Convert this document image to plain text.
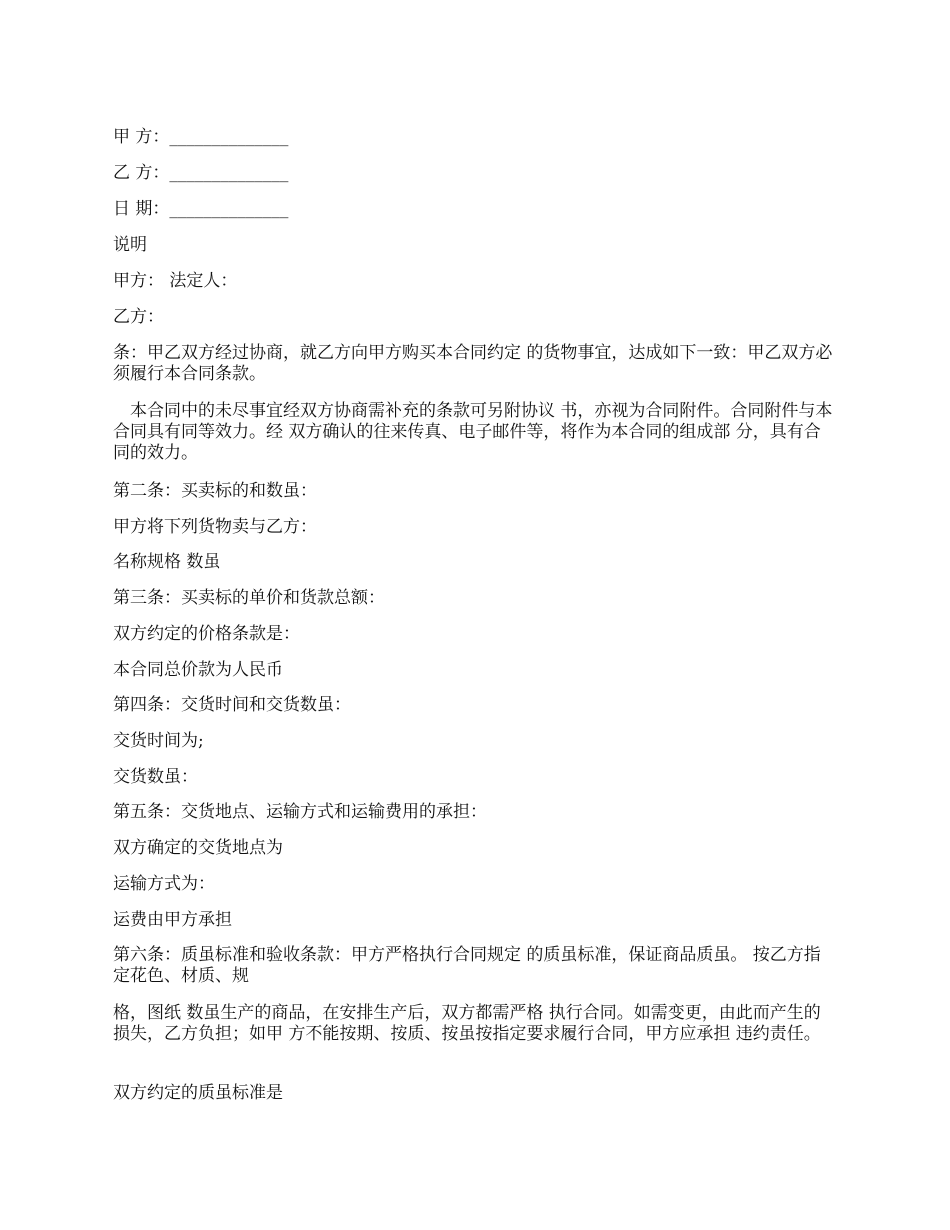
甲 方：______________
乙 方：______________
日 期：______________
说明
甲方： 法定人：
乙方：
条：甲乙双方经过协商，就乙方向甲方购买本合同约定 的货物事宜，达成如下一致：甲乙双方必须履行本合同条款。
本合同中的未尽事宜经双方协商需补充的条款可另附协议 书，亦视为合同附件。合同附件与本合同具有同等效力。经 双方确认的往来传真、电子邮件等，将作为本合同的组成部 分，具有合同的效力。
第二条：买卖标的和数虽：
甲方将下列货物卖与乙方：
名称规格 数虽
第三条：买卖标的单价和货款总额：
双方约定的价格条款是：
本合同总价款为人民币
第四条：交货时间和交货数虽：
交货时间为;
交货数虽：
第五条：交货地点、运输方式和运输费用的承担：
双方确定的交货地点为
运输方式为：
运费由甲方承担
第六条：质虽标准和验收条款：甲方严格执行合同规定 的质虽标准，保证商品质虽。 按乙方指定花色、材质、规
格，图纸 数虽生产的商品，在安排生产后，双方都需严格 执行合同。如需变更，由此而产生的损失，乙方负担；如甲 方不能按期、按质、按虽按指定要求履行合同，甲方应承担 违约责任。
双方约定的质虽标准是
